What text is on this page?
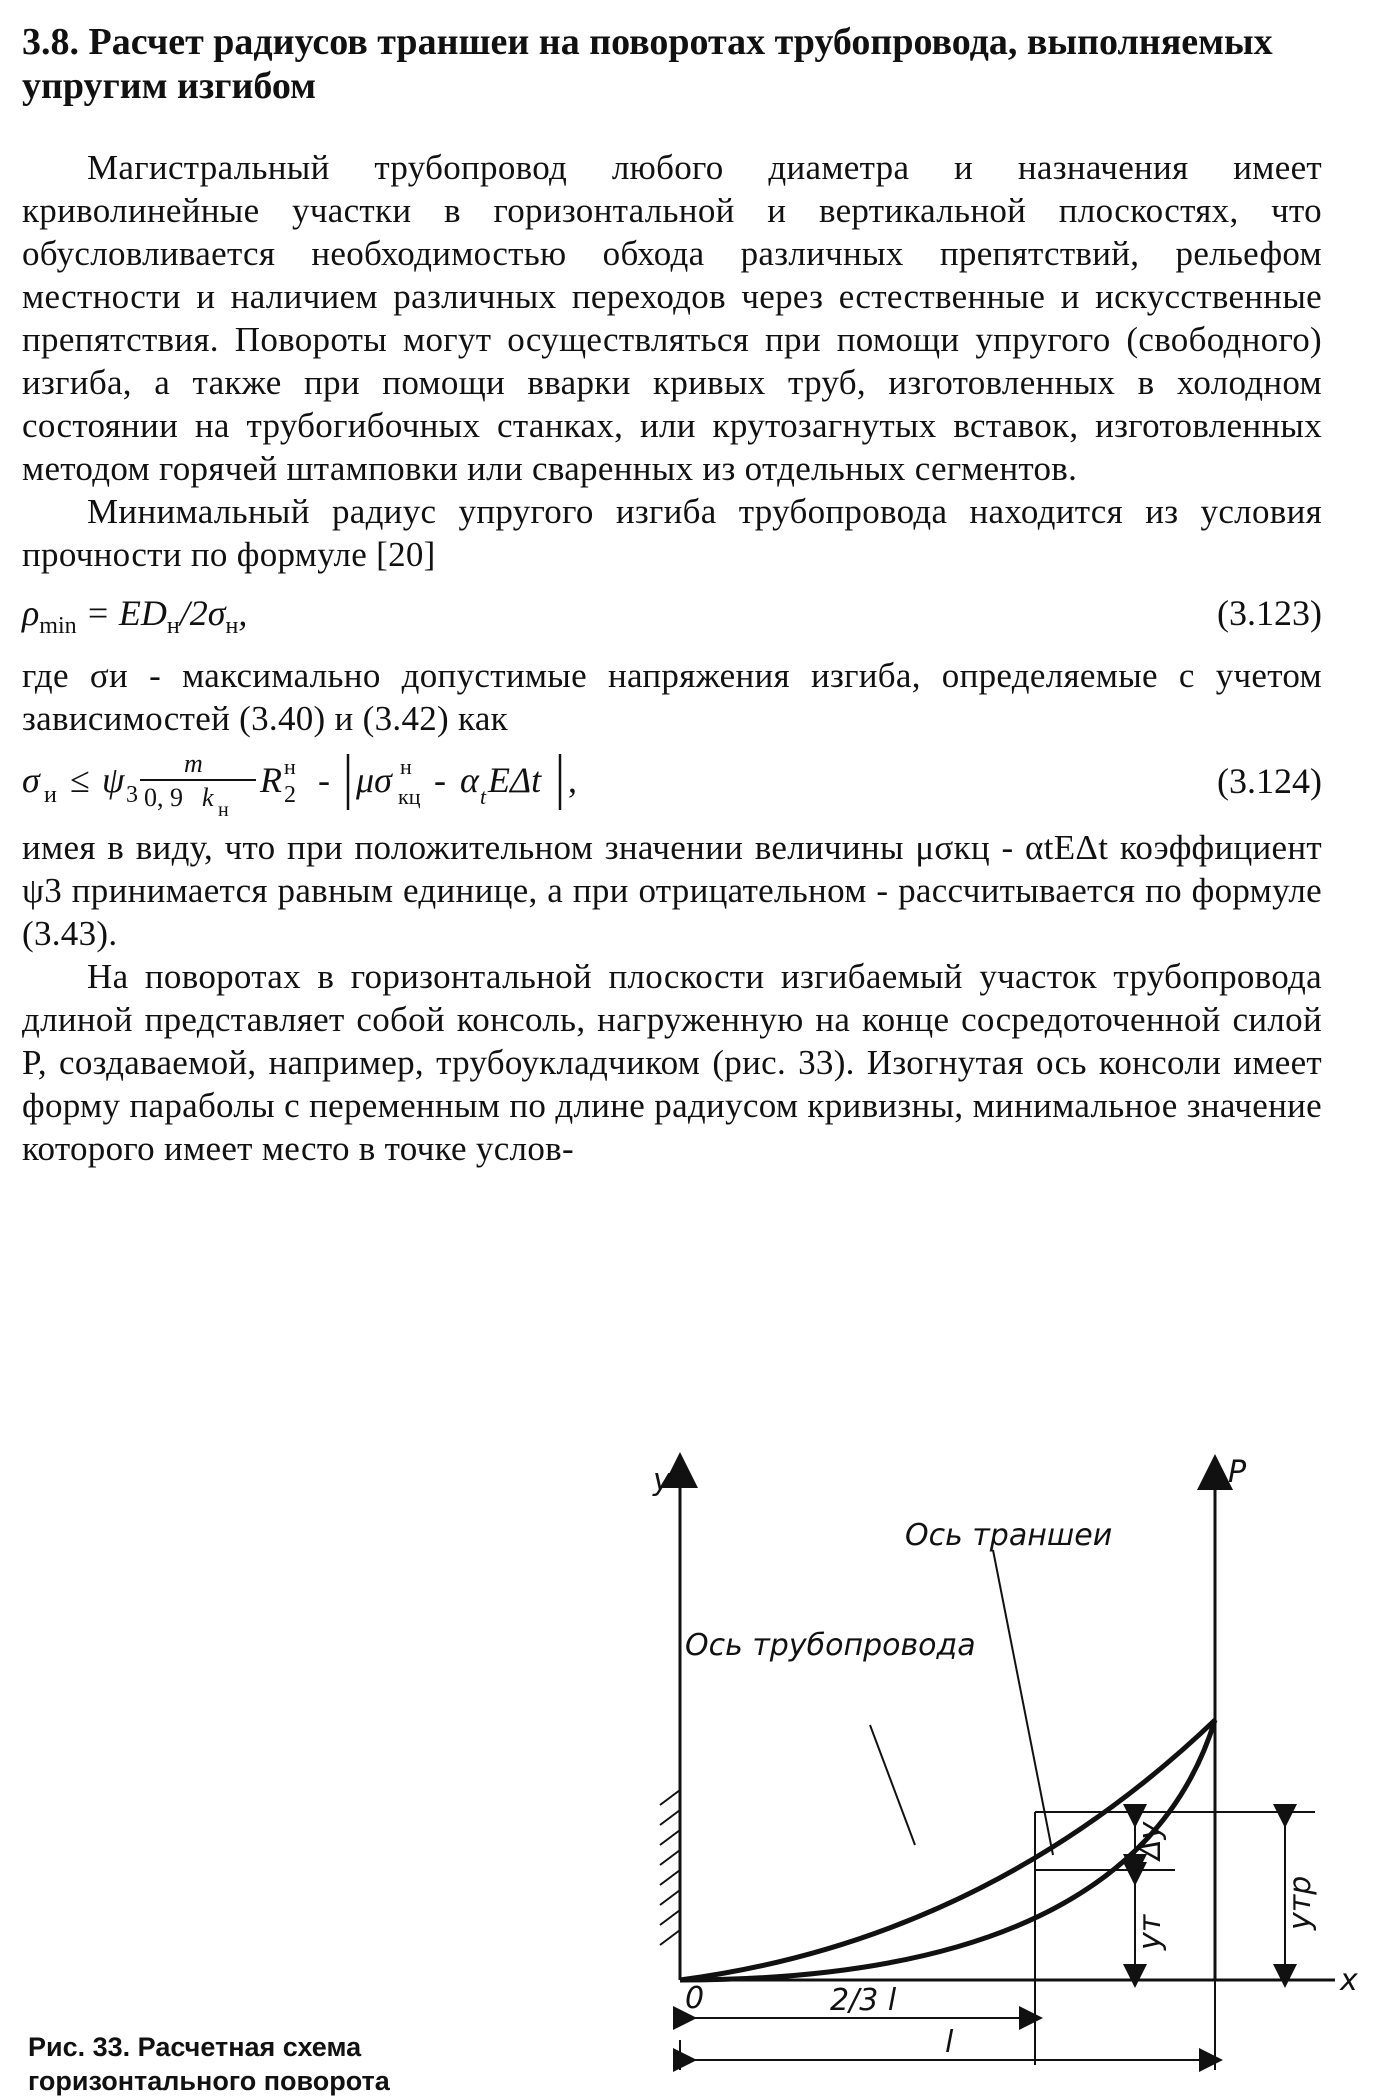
3.8. Расчет радиусов траншеи на поворотах трубопровода, выполняемых упругим изгибом

Магистральный трубопровод любого диаметра и назначения имеет криволинейные участки в горизонтальной и вертикальной плоскостях, что обусловливается необходимостью обхода различных препятствий, рельефом местности и наличием различных переходов через естественные и искусственные препятствия. Повороты могут осуществляться при помощи упругого (свободного) изгиба, а также при помощи вварки кривых труб, изготовленных в холодном состоянии на трубогибочных станках, или крутозагнутых вставок, изготовленных методом горячей штамповки или сваренных из отдельных сегментов.

Минимальный радиус упругого изгиба трубопровода находится из условия прочности по формуле [20]

$\rho_{min} = ED_н/2\sigma_н$,	(3.123)

где σи - максимально допустимые напряжения изгиба, определяемые с учетом зависимостей (3.40) и (3.42) как

σ и ≤ ψ 3
m
0, 9 k н
R н
2 - μσ н
кц - α t EΔt ,	(3.124)

имея в виду, что при положительном значении величины μσкц - αtEΔt коэффициент ψ3 принимается равным единице, а при отрицательном - рассчитывается по формуле (3.43).

На поворотах в горизонтальной плоскости изгибаемый участок трубопровода длиной представляет собой консоль, нагруженную на конце сосредоточенной силой P, создаваемой, например, трубоукладчиком (рис. 33). Изогнутая ось консоли имеет форму параболы с переменным по длине радиусом кривизны, минимальное значение которого имеет место в точке услов-

y	P
x
0
Ось траншеи
Ось трубопровода
2/3 l
l
Δy
yт
yтр
Рис. 33. Расчетная схема горизонтального поворота
